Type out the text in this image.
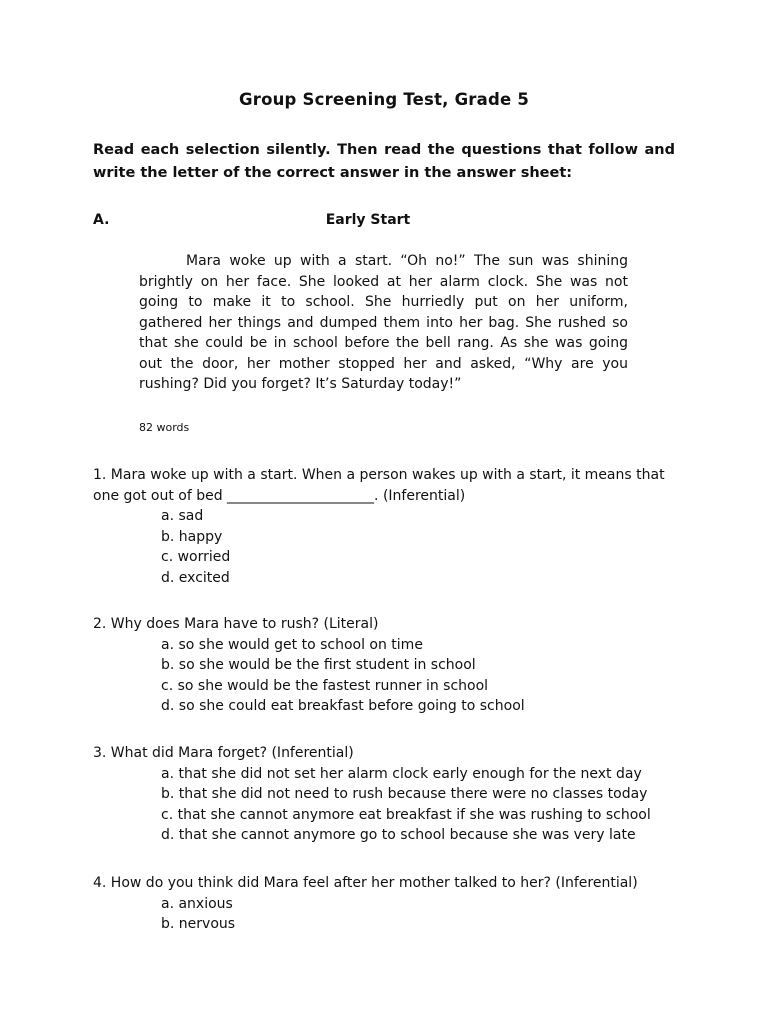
Group Screening Test, Grade 5
Read each selection silently. Then read the questions that follow and write the letter of the correct answer in the answer sheet:
A.	Early Start

Mara woke up with a start. “Oh no!” The sun was shining brightly on her face. She looked at her alarm clock. She was not going to make it to school. She hurriedly put on her uniform, gathered her things and dumped them into her bag. She rushed so that she could be in school before the bell rang. As she was going out the door, her mother stopped her and asked, “Why are you rushing? Did you forget? It’s Saturday today!”

82 words

1. Mara woke up with a start. When a person wakes up with a start, it means that one got out of bed _____________________. (Inferential)

a. sad
b. happy
c. worried
d. excited

2. Why does Mara have to rush? (Literal)

a. so she would get to school on time
b. so she would be the first student in school
c. so she would be the fastest runner in school
d. so she could eat breakfast before going to school

3. What did Mara forget? (Inferential)

a. that she did not set her alarm clock early enough for the next day
b. that she did not need to rush because there were no classes today
c. that she cannot anymore eat breakfast if she was rushing to school
d. that she cannot anymore go to school because she was very late

4. How do you think did Mara feel after her mother talked to her? (Inferential)

a. anxious
b. nervous
